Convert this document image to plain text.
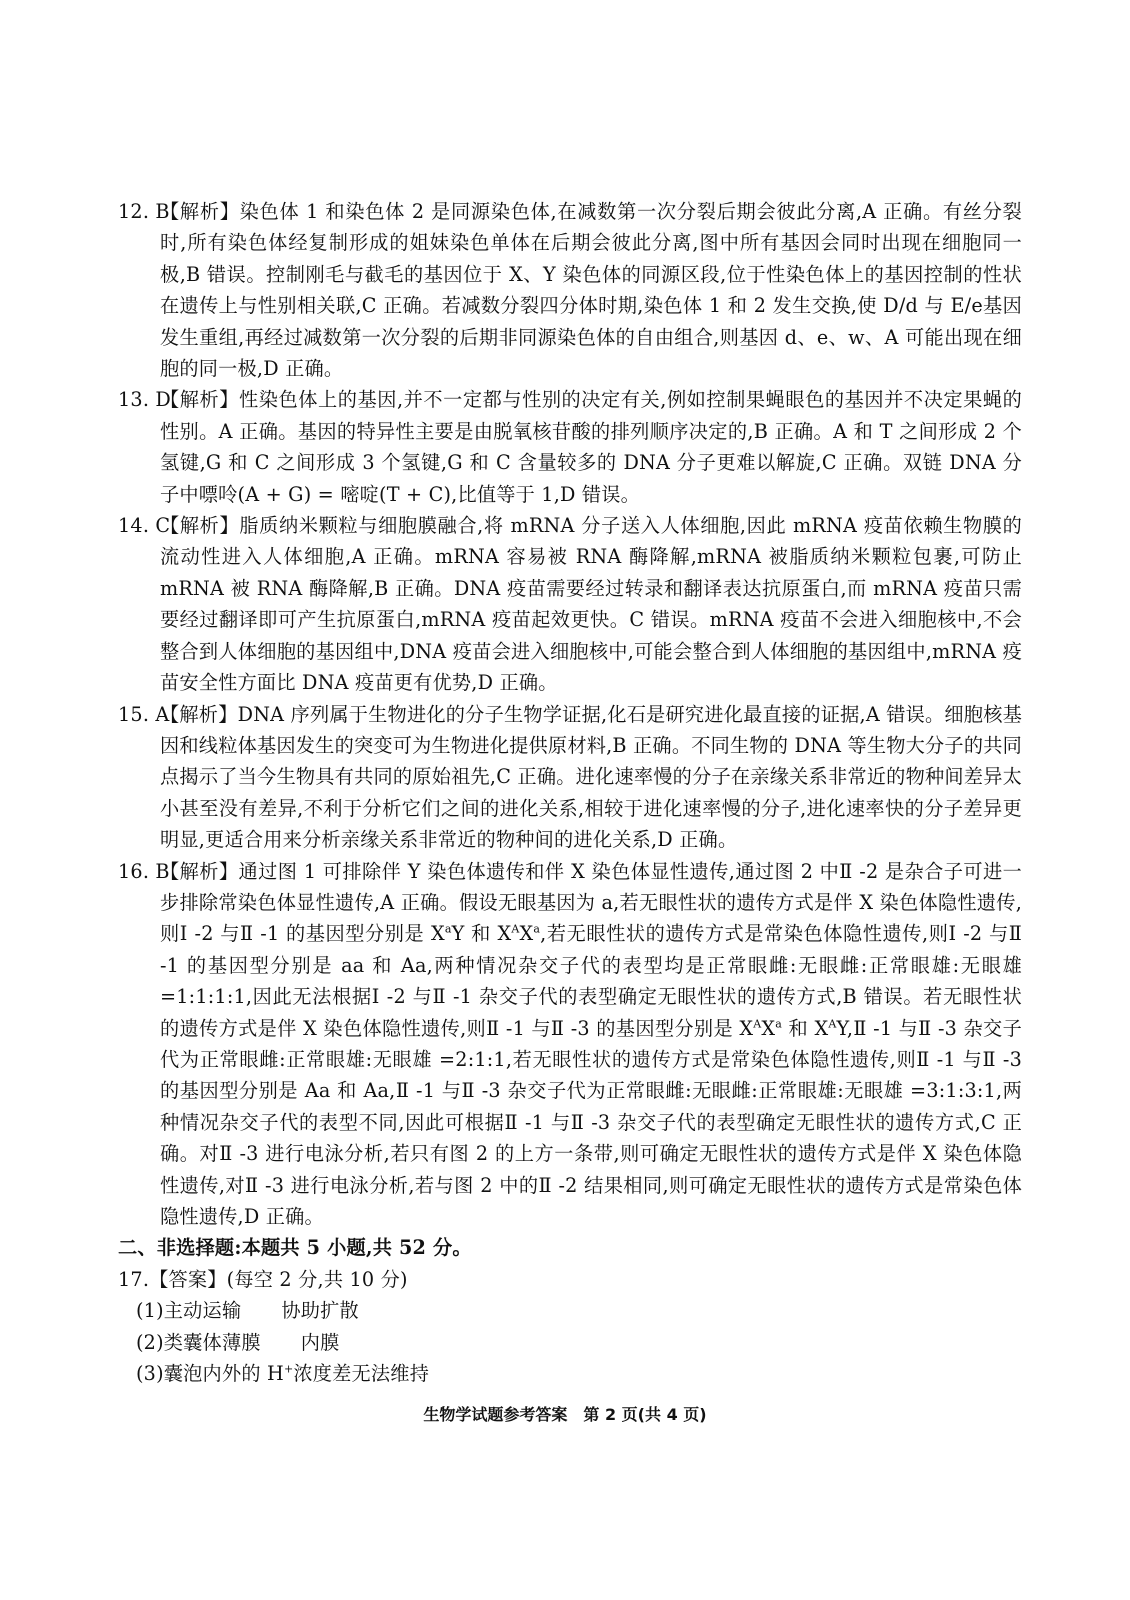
12. B
【解析】染色体 1 和染色体 2 是同源染色体,在减数第一次分裂后期会彼此分离,A 正确。有丝分裂时,所有染色体经复制形成的姐妹染色单体在后期会彼此分离,图中所有基因会同时出现在细胞同一极,B 错误。控制刚毛与截毛的基因位于 X、Y 染色体的同源区段,位于性染色体上的基因控制的性状在遗传上与性别相关联,C 正确。若减数分裂四分体时期,染色体 1 和 2 发生交换,使 D/d 与 E/e基因发生重组,再经过减数第一次分裂的后期非同源染色体的自由组合,则基因 d、e、w、A 可能出现在细胞的同一极,D 正确。

13. D
【解析】性染色体上的基因,并不一定都与性别的决定有关,例如控制果蝇眼色的基因并不决定果蝇的性别。A 正确。基因的特异性主要是由脱氧核苷酸的排列顺序决定的,B 正确。A 和 T 之间形成 2 个氢键,G 和 C 之间形成 3 个氢键,G 和 C 含量较多的 DNA 分子更难以解旋,C 正确。双链 DNA 分子中嘌呤(A + G) = 嘧啶(T + C),比值等于 1,D 错误。

14. C
【解析】脂质纳米颗粒与细胞膜融合,将 mRNA 分子送入人体细胞,因此 mRNA 疫苗依赖生物膜的流动性进入人体细胞,A 正确。mRNA 容易被 RNA 酶降解,mRNA 被脂质纳米颗粒包裹,可防止 mRNA 被 RNA 酶降解,B 正确。DNA 疫苗需要经过转录和翻译表达抗原蛋白,而 mRNA 疫苗只需要经过翻译即可产生抗原蛋白,mRNA 疫苗起效更快。C 错误。mRNA 疫苗不会进入细胞核中,不会整合到人体细胞的基因组中,DNA 疫苗会进入细胞核中,可能会整合到人体细胞的基因组中,mRNA 疫苗安全性方面比 DNA 疫苗更有优势,D 正确。

15. A
【解析】DNA 序列属于生物进化的分子生物学证据,化石是研究进化最直接的证据,A 错误。细胞核基因和线粒体基因发生的突变可为生物进化提供原材料,B 正确。不同生物的 DNA 等生物大分子的共同点揭示了当今生物具有共同的原始祖先,C 正确。进化速率慢的分子在亲缘关系非常近的物种间差异太小甚至没有差异,不利于分析它们之间的进化关系,相较于进化速率慢的分子,进化速率快的分子差异更明显,更适合用来分析亲缘关系非常近的物种间的进化关系,D 正确。

16. B
【解析】通过图 1 可排除伴 Y 染色体遗传和伴 X 染色体显性遗传,通过图 2 中Ⅱ -2 是杂合子可进一步排除常染色体显性遗传,A 正确。假设无眼基因为 a,若无眼性状的遗传方式是伴 X 染色体隐性遗传,则Ⅰ -2 与Ⅱ -1 的基因型分别是 $X^aY$ 和 $X^AX^a$,若无眼性状的遗传方式是常染色体隐性遗传,则Ⅰ -2 与Ⅱ -1 的基因型分别是 aa 和 Aa,两种情况杂交子代的表型均是正常眼雌:无眼雌:正常眼雄:无眼雄 =1:1:1:1,因此无法根据Ⅰ -2 与Ⅱ -1 杂交子代的表型确定无眼性状的遗传方式,B 错误。若无眼性状的遗传方式是伴 X 染色体隐性遗传,则Ⅱ -1 与Ⅱ -3 的基因型分别是 $X^AX^a$ 和 $X^AY,Ⅱ$ -1 与Ⅱ -3 杂交子代为正常眼雌:正常眼雄:无眼雄 =2:1:1,若无眼性状的遗传方式是常染色体隐性遗传,则Ⅱ -1 与Ⅱ -3 的基因型分别是 Aa 和 Aa,Ⅱ -1 与Ⅱ -3 杂交子代为正常眼雌:无眼雌:正常眼雄:无眼雄 =3:1:3:1,两种情况杂交子代的表型不同,因此可根据Ⅱ -1 与Ⅱ -3 杂交子代的表型确定无眼性状的遗传方式,C 正确。对Ⅱ -3 进行电泳分析,若只有图 2 的上方一条带,则可确定无眼性状的遗传方式是伴 X 染色体隐性遗传,对Ⅱ -3 进行电泳分析,若与图 2 中的Ⅱ -2 结果相同,则可确定无眼性状的遗传方式是常染色体隐性遗传,D 正确。

二、非选择题:本题共 5 小题,共 52 分。
17.【答案】(每空 2 分,共 10 分)
(1)主动运输 协助扩散
(2)类囊体薄膜 内膜
(3)囊泡内外的 H+浓度差无法维持
生物学试题参考答案　第 2 页(共 4 页)
